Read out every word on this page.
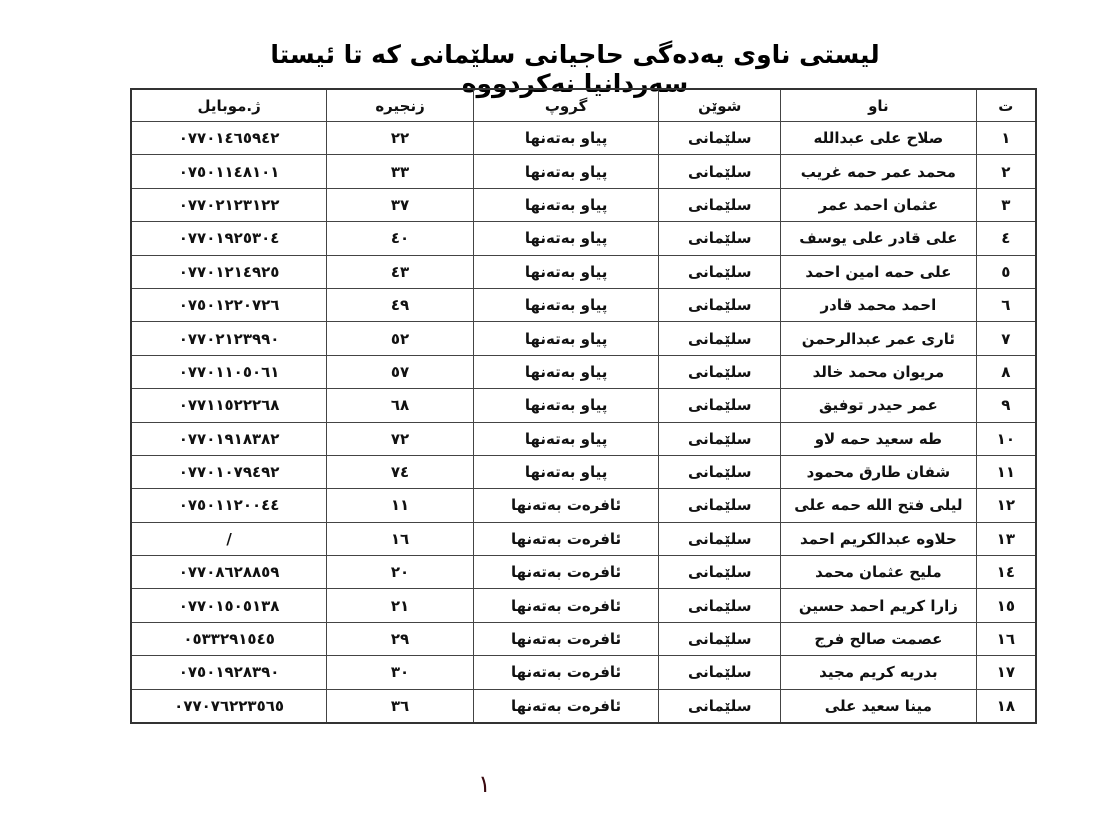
لیستی ناوی یەدەگی حاجیانی سلێمانی کە تا ئیستا سەردانیا نەکردووە
ت	ناو	شوێن	گروپ	زنجیره	ژ.موبایل
١	صلاح علی عبدالله	سلێمانی	پیاو بەتەنها	٢٢	٠٧٧٠١٤٦٥٩٤٢
٢	محمد عمر حمه غريب	سلێمانی	پیاو بەتەنها	٣٣	٠٧٥٠١١٤٨١٠١
٣	عثمان احمد عمر	سلێمانی	پیاو بەتەنها	٣٧	٠٧٧٠٢١٢٣١٢٢
٤	على قادر على يوسف	سلێمانی	پیاو بەتەنها	٤٠	٠٧٧٠١٩٢٥٣٠٤
٥	على حمه امين احمد	سلێمانی	پیاو بەتەنها	٤٣	٠٧٧٠١٢١٤٩٢٥
٦	احمد محمد قادر	سلێمانی	پیاو بەتەنها	٤٩	٠٧٥٠١٢٢٠٧٢٦
٧	ئارى عمر عبدالرحمن	سلێمانی	پیاو بەتەنها	٥٢	٠٧٧٠٢١٢٣٩٩٠
٨	مريوان محمد خالد	سلێمانی	پیاو بەتەنها	٥٧	٠٧٧٠١١٠٥٠٦١
٩	عمر حيدر توفيق	سلێمانی	پیاو بەتەنها	٦٨	٠٧٧١١٥٢٢٢٦٨
١٠	طه سعيد حمه لاو	سلێمانی	پیاو بەتەنها	٧٢	٠٧٧٠١٩١٨٣٨٢
١١	شفان طارق محمود	سلێمانی	پیاو بەتەنها	٧٤	٠٧٧٠١٠٧٩٤٩٢
١٢	ليلى فتح الله حمه على	سلێمانی	ئافرەت بەتەنها	١١	٠٧٥٠١١٢٠٠٤٤
١٣	حلاوه عبدالكريم احمد	سلێمانی	ئافرەت بەتەنها	١٦	/
١٤	مليح عثمان محمد	سلێمانی	ئافرەت بەتەنها	٢٠	٠٧٧٠٨٦٢٨٨٥٩
١٥	زارا كريم احمد حسين	سلێمانی	ئافرەت بەتەنها	٢١	٠٧٧٠١٥٠٥١٣٨
١٦	عصمت صالح فرج	سلێمانی	ئافرەت بەتەنها	٢٩	٠٥٣٣٢٩١٥٤٥
١٧	بدريه كريم مجيد	سلێمانی	ئافرەت بەتەنها	٣٠	٠٧٥٠١٩٢٨٣٩٠
١٨	مينا سعيد على	سلێمانی	ئافرەت بەتەنها	٣٦	٠٧٧٠٧٦٢٢٣٥٦٥
١
